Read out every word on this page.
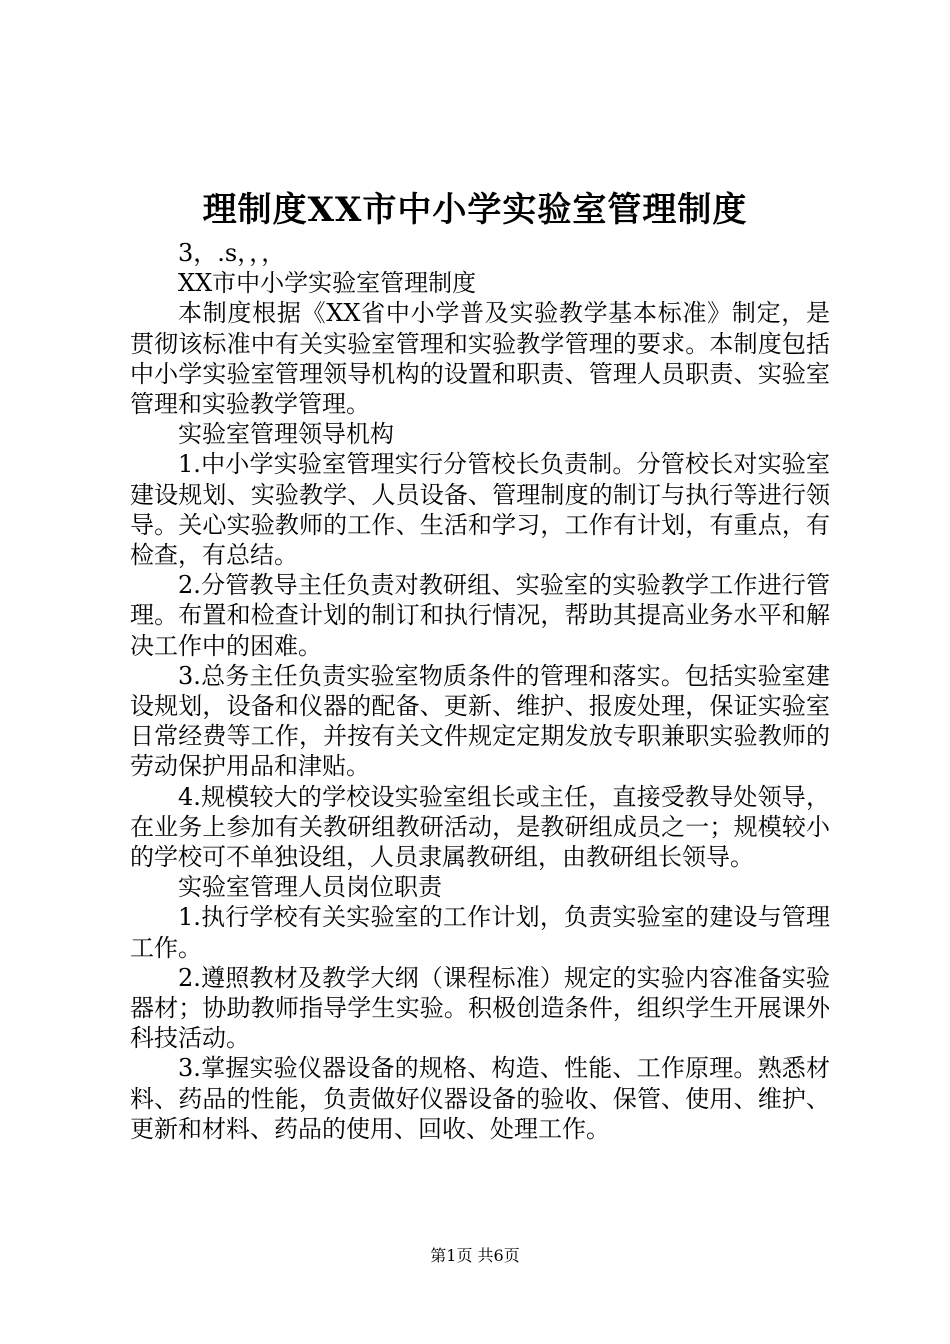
理制度XX市中小学实验室管理制度

3，.s，，，

XX市中小学实验室管理制度

本制度根据《XX省中小学普及实验教学基本标准》制定，是贯彻该标准中有关实验室管理和实验教学管理的要求。本制度包括中小学实验室管理领导机构的设置和职责、管理人员职责、实验室管理和实验教学管理。

实验室管理领导机构

1.中小学实验室管理实行分管校长负责制。分管校长对实验室建设规划、实验教学、人员设备、管理制度的制订与执行等进行领导。关心实验教师的工作、生活和学习，工作有计划，有重点，有检查，有总结。

2.分管教导主任负责对教研组、实验室的实验教学工作进行管理。布置和检查计划的制订和执行情况，帮助其提高业务水平和解决工作中的困难。

3.总务主任负责实验室物质条件的管理和落实。包括实验室建设规划，设备和仪器的配备、更新、维护、报废处理，保证实验室日常经费等工作，并按有关文件规定定期发放专职兼职实验教师的劳动保护用品和津贴。

4.规模较大的学校设实验室组长或主任，直接受教导处领导，在业务上参加有关教研组教研活动，是教研组成员之一；规模较小的学校可不单独设组，人员隶属教研组，由教研组长领导。

实验室管理人员岗位职责

1.执行学校有关实验室的工作计划，负责实验室的建设与管理工作。

2.遵照教材及教学大纲（课程标准）规定的实验内容准备实验器材；协助教师指导学生实验。积极创造条件，组织学生开展课外科技活动。

3.掌握实验仪器设备的规格、构造、性能、工作原理。熟悉材料、药品的性能，负责做好仪器设备的验收、保管、使用、维护、更新和材料、药品的使用、回收、处理工作。

第1页 共6页
